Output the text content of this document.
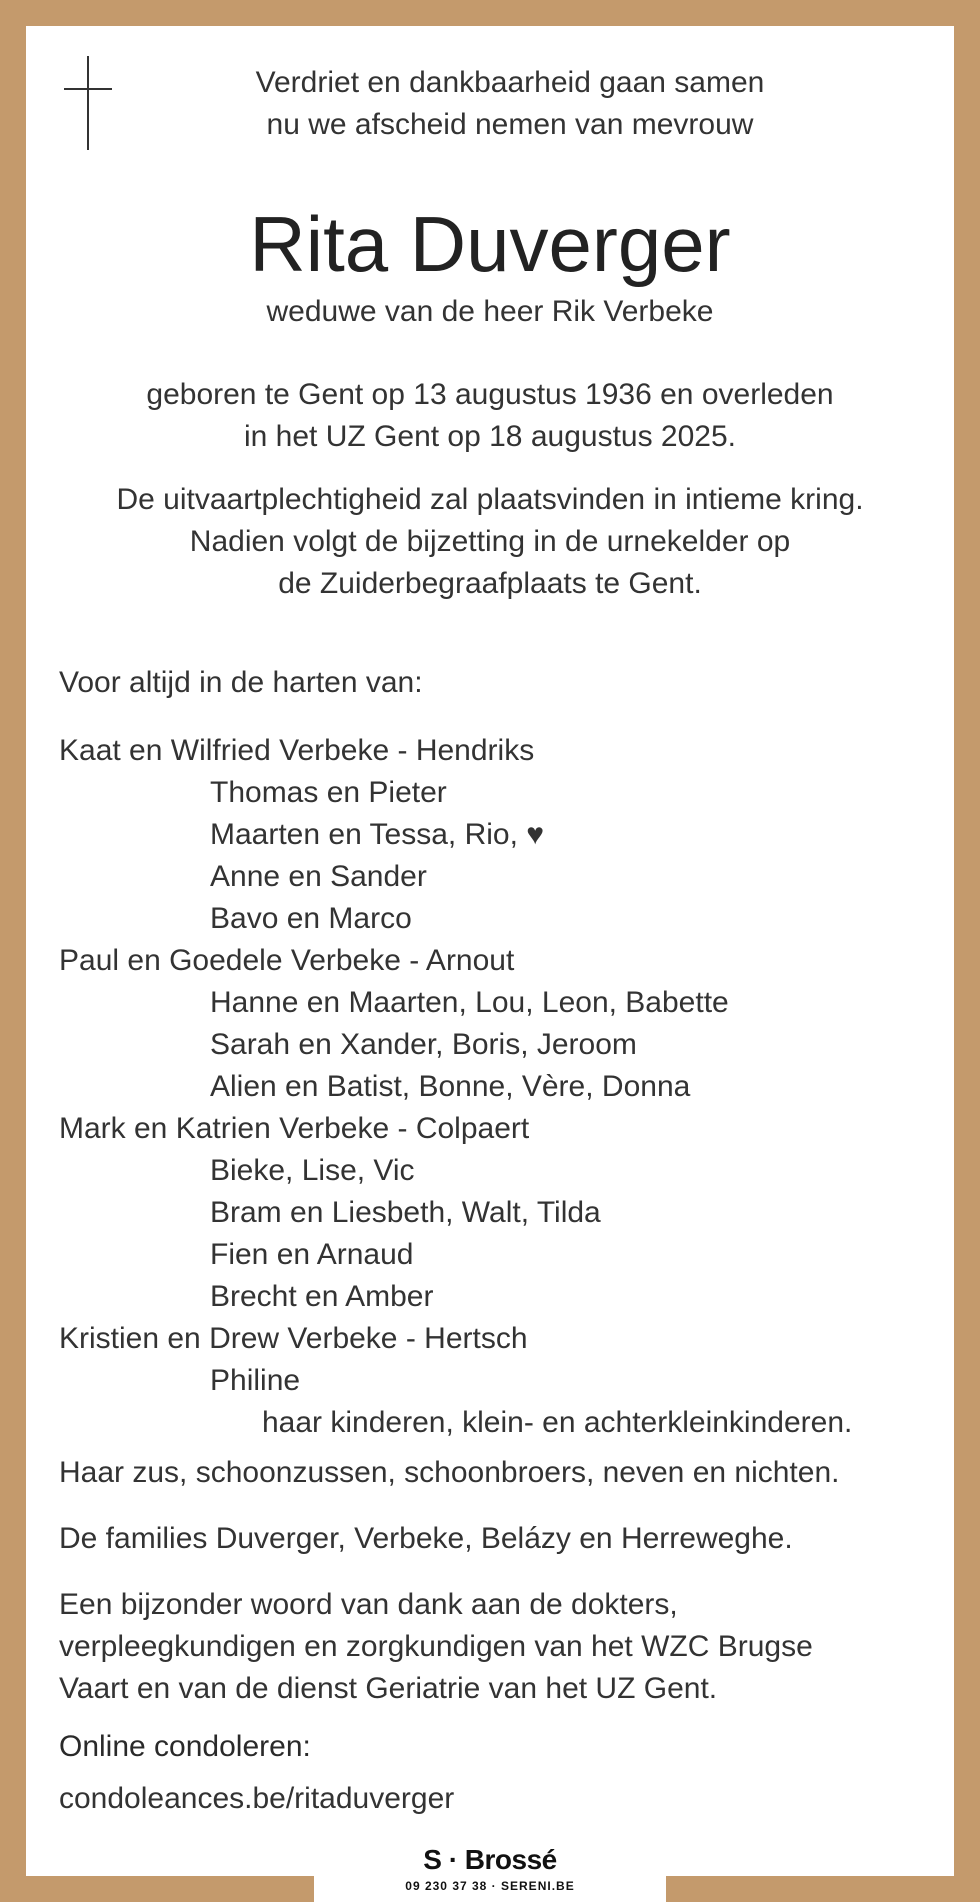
Verdriet en dankbaarheid gaan samen
nu we afscheid nemen van mevrouw
Rita Duverger
weduwe van de heer Rik Verbeke
geboren te Gent op 13 augustus 1936 en overleden
in het UZ Gent op 18 augustus 2025.
De uitvaartplechtigheid zal plaatsvinden in intieme kring.
Nadien volgt de bijzetting in de urnekelder op
de Zuiderbegraafplaats te Gent.
Voor altijd in de harten van:
Kaat en Wilfried Verbeke - Hendriks
Thomas en Pieter
Maarten en Tessa, Rio, ♥
Anne en Sander
Bavo en Marco
Paul en Goedele Verbeke - Arnout
Hanne en Maarten, Lou, Leon, Babette
Sarah en Xander, Boris, Jeroom
Alien en Batist, Bonne, Vère, Donna
Mark en Katrien Verbeke - Colpaert
Bieke, Lise, Vic
Bram en Liesbeth, Walt, Tilda
Fien en Arnaud
Brecht en Amber
Kristien en Drew Verbeke - Hertsch
Philine
haar kinderen, klein- en achterkleinkinderen.
Haar zus, schoonzussen, schoonbroers, neven en nichten.
De families Duverger, Verbeke, Belázy en Herreweghe.
Een bijzonder woord van dank aan de dokters,
verpleegkundigen en zorgkundigen van het WZC Brugse
Vaart en van de dienst Geriatrie van het UZ Gent.
Online condoleren:
condoleances.be/ritaduverger
S · Brossé
09 230 37 38 · SERENI.BE
